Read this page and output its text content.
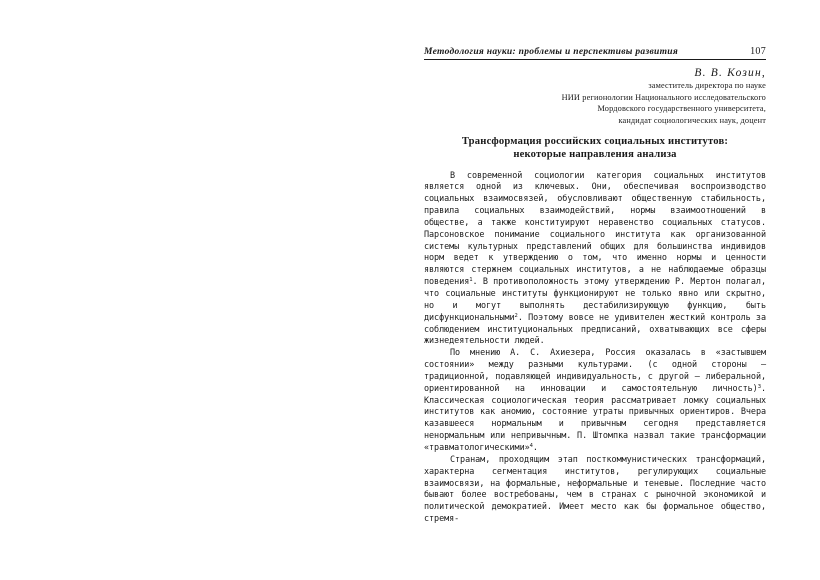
Методология науки: проблемы и перспективы развития	107
В. В. Козин,
заместитель директора по науке
НИИ регионологии Национального исследовательского
Мордовского государственного университета,
кандидат социологических наук, доцент
Трансформация российских социальных институтов:
некоторые направления анализа

В современной социологии категория социальных институтов является одной из ключевых. Они, обеспечивая воспроизводство социальных взаимосвязей, обусловливают общественную стабильность, правила социальных взаимодействий, нормы взаимоотношений в обществе, а также конституируют неравенство социальных статусов. Парсоновское понимание социального института как организованной системы культурных представлений общих для большинства индивидов норм ведет к утверждению о том, что именно нормы и ценности являются стержнем социальных институтов, а не наблюдаемые образцы поведения$^1$. В противоположность этому утверждению Р. Мертон полагал, что социальные институты функционируют не только явно или скрытно, но и могут выполнять дестабилизирующую функцию, быть дисфункциональными$^2$. Поэтому вовсе не удивителен жесткий контроль за соблюдением институциональных предписаний, охватывающих все сферы жизнедеятельности людей.

По мнению А. С. Ахиезера, Россия оказалась в «застывшем состоянии» между разными культурами. (с одной стороны — традиционной, подавляющей индивидуальность, с другой — либеральной, ориентированной на инновации и самостоятельную личность)$^3$. Классическая социологическая теория рассматривает ломку социальных институтов как аномию, состояние утраты привычных ориентиров. Вчера казавшееся нормальным и привычным сегодня представляется ненормальным или непривычным. П. Штомпка назвал такие трансформации «травматологическими»$^4$.

Странам, проходящим этап посткоммунистических трансформаций, характерна сегментация институтов, регулирующих социальные взаимосвязи, на формальные, неформальные и теневые. Последние часто бывают более востребованы, чем в странах с рыночной экономикой и политической демократией. Имеет место как бы формальное общество, стремя-
